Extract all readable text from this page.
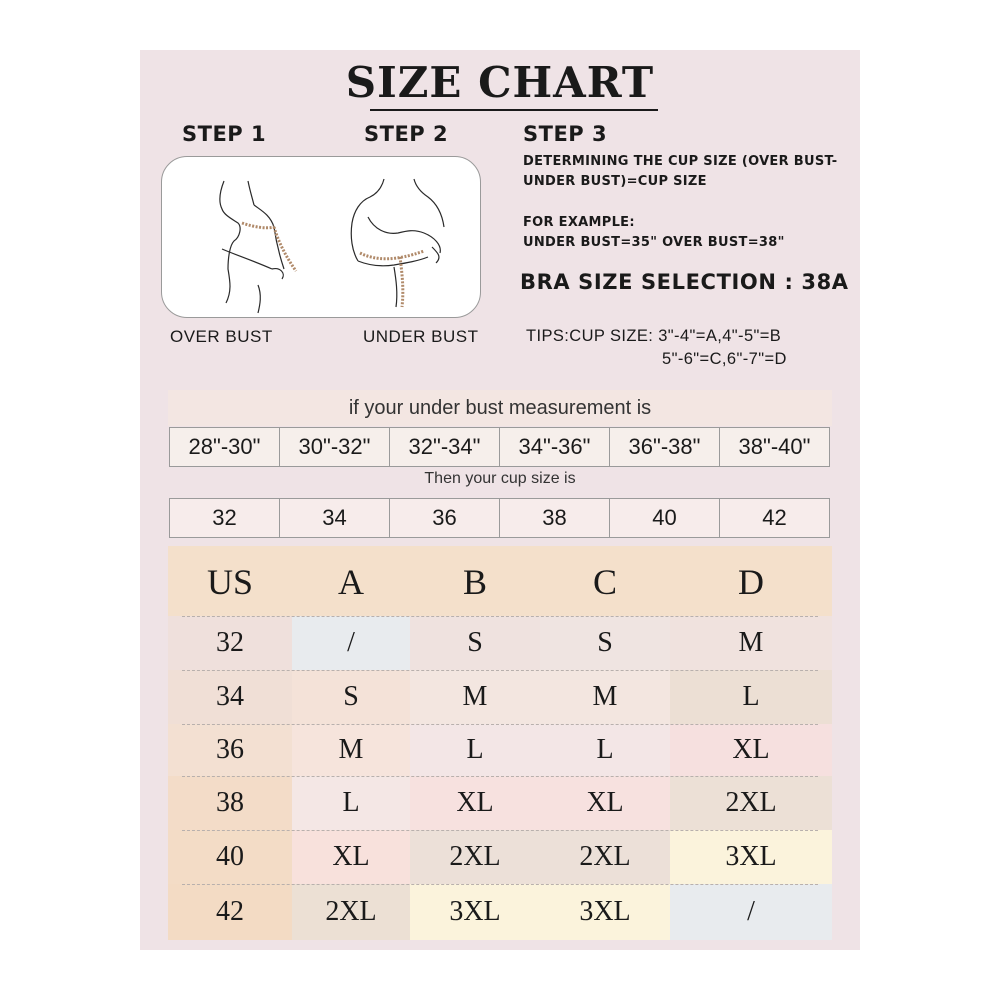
SIZE CHART
STEP 1	STEP 2	STEP 3
OVER BUST	UNDER BUST
DETERMINING THE CUP SIZE (OVER BUST-
UNDER BUST)=CUP SIZE
FOR EXAMPLE:
UNDER BUST=35" OVER BUST=38"
BRA SIZE SELECTION : 38A
TIPS:CUP SIZE: 3"-4"=A,4"-5"=B
5"-6"=C,6"-7"=D
if your under bust measurement is
28"-30"	30"-32"	32"-34"	34"-36"	36"-38"	38"-40"
Then your cup size is
32	34	36	38	40	42
US	A	B	C	D
32	/	S	S	M
34	S	M	M	L
36	M	L	L	XL
38	L	XL	XL	2XL
40	XL	2XL	2XL	3XL
42	2XL	3XL	3XL	/
